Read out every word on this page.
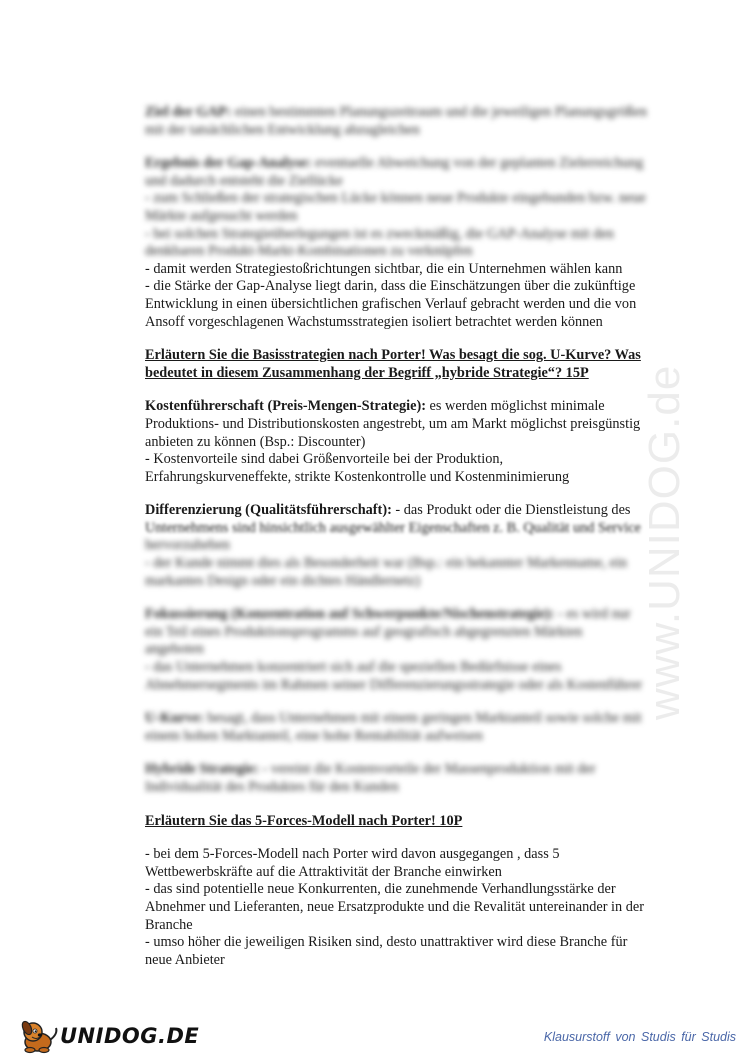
www.UNIDOG.de
Ziel der GAP: einen bestimmten Planungszeitraum und die jeweiligen Planungsgrößen
mit der tatsächlichen Entwicklung abzugleichen
Ergebnis der Gap-Analyse: eventuelle Abweichung von der geplanten Zielerreichung
und dadurch entsteht die Ziellücke
- zum Schließen der strategischen Lücke können neue Produkte eingebunden bzw. neue
Märkte aufgesucht werden
- bei solchen Strategieüberlegungen ist es zweckmäßig, die GAP-Analyse mit den
denkbaren Produkt-Markt-Kombinationen zu verknüpfen
- damit werden Strategiestoßrichtungen sichtbar, die ein Unternehmen wählen kann
- die Stärke der Gap-Analyse liegt darin, dass die Einschätzungen über die zukünftige
Entwicklung in einen übersichtlichen grafischen Verlauf gebracht werden und die von
Ansoff vorgeschlagenen Wachstumsstrategien isoliert betrachtet werden können
Erläutern Sie die Basisstrategien nach Porter! Was besagt die sog. U-Kurve? Was
bedeutet in diesem Zusammenhang der Begriff „hybride Strategie“? 15P
Kostenführerschaft (Preis-Mengen-Strategie): es werden möglichst minimale
Produktions- und Distributionskosten angestrebt, um am Markt möglichst preisgünstig
anbieten zu können (Bsp.: Discounter)
- Kostenvorteile sind dabei Größenvorteile bei der Produktion,
Erfahrungskurveneffekte, strikte Kostenkontrolle und Kostenminimierung
Differenzierung (Qualitätsführerschaft): - das Produkt oder die Dienstleistung des
Unternehmens sind hinsichtlich ausgewählter Eigenschaften z. B. Qualität und Service
hervorzuheben
- der Kunde nimmt dies als Besonderheit war (Bsp.: ein bekannter Markenname, ein
markantes Design oder ein dichtes Händlernetz)
Fokussierung (Konzentration auf Schwerpunkte/Nischenstrategie): - es wird nur
ein Teil eines Produktionsprogramms auf geografisch abgegrenzten Märkten
angeboten
- das Unternehmen konzentriert sich auf die speziellen Bedürfnisse eines
Abnehmersegments im Rahmen seiner Differenzierungsstrategie oder als Kostenführer
U-Kurve: besagt, dass Unternehmen mit einem geringen Marktanteil sowie solche mit
einem hohen Marktanteil, eine hohe Rentabilität aufweisen
Hybride Strategie: - vereint die Kostenvorteile der Massenproduktion mit der
Individualität des Produktes für den Kunden
Erläutern Sie das 5-Forces-Modell nach Porter! 10P
- bei dem 5-Forces-Modell nach Porter wird davon ausgegangen , dass 5
Wettbewerbskräfte auf die Attraktivität der Branche einwirken
- das sind potentielle neue Konkurrenten, die zunehmende Verhandlungsstärke der
Abnehmer und Lieferanten, neue Ersatzprodukte und die Revalität untereinander in der
Branche
- umso höher die jeweiligen Risiken sind, desto unattraktiver wird diese Branche für
neue Anbieter
UNIDOG.DE	Klausurstoff von Studis für Studis
